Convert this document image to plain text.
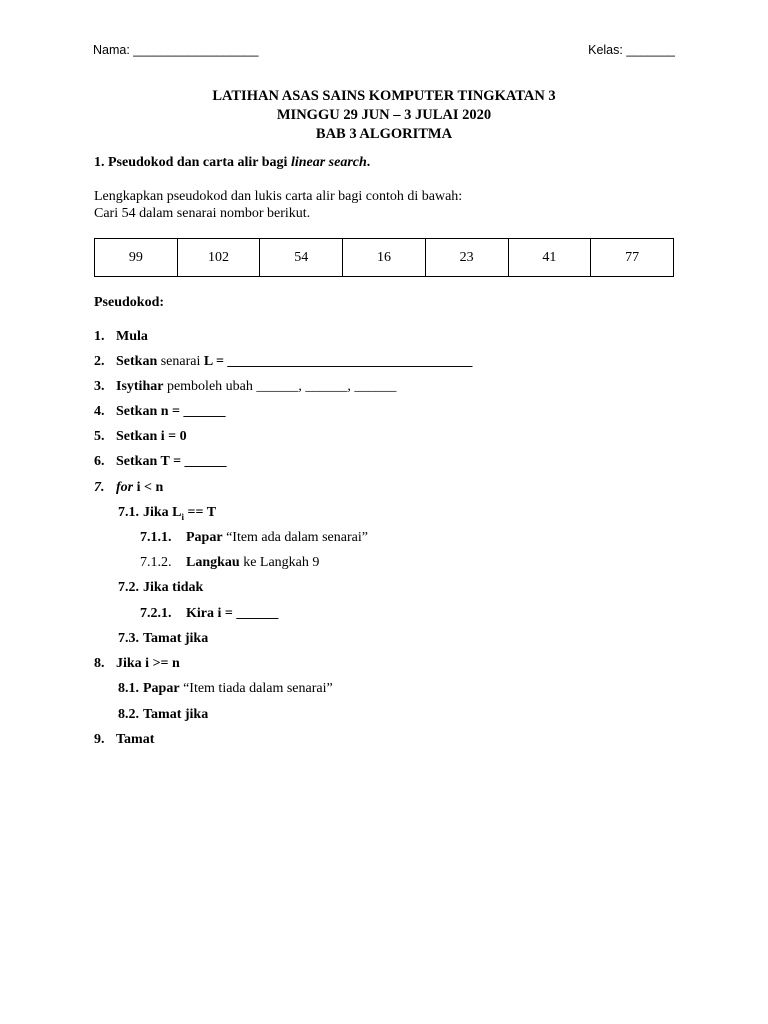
Nama: __________________	Kelas: _______
LATIHAN ASAS SAINS KOMPUTER TINGKATAN 3
MINGGU 29 JUN – 3 JULAI 2020
BAB 3 ALGORITMA
1. Pseudokod dan carta alir bagi linear search.
Lengkapkan pseudokod dan lukis carta alir bagi contoh di bawah:
Cari 54 dalam senarai nombor berikut.
99	102	54	16	23	41	77
Pseudokod:
1. Mula
2. Setkan senarai L = ___________________________________
3. Isytihar pemboleh ubah ______, ______, ______
4. Setkan n = ______
5. Setkan i = 0
6. Setkan T = ______
7. for i < n
7.1. Jika $L_i == T$
7.1.1. Papar “Item ada dalam senarai”
7.1.2. Langkau ke Langkah 9
7.2. Jika tidak
7.2.1. Kira i = ______
7.3. Tamat jika
8. Jika i >= n
8.1. Papar “Item tiada dalam senarai”
8.2. Tamat jika
9. Tamat
